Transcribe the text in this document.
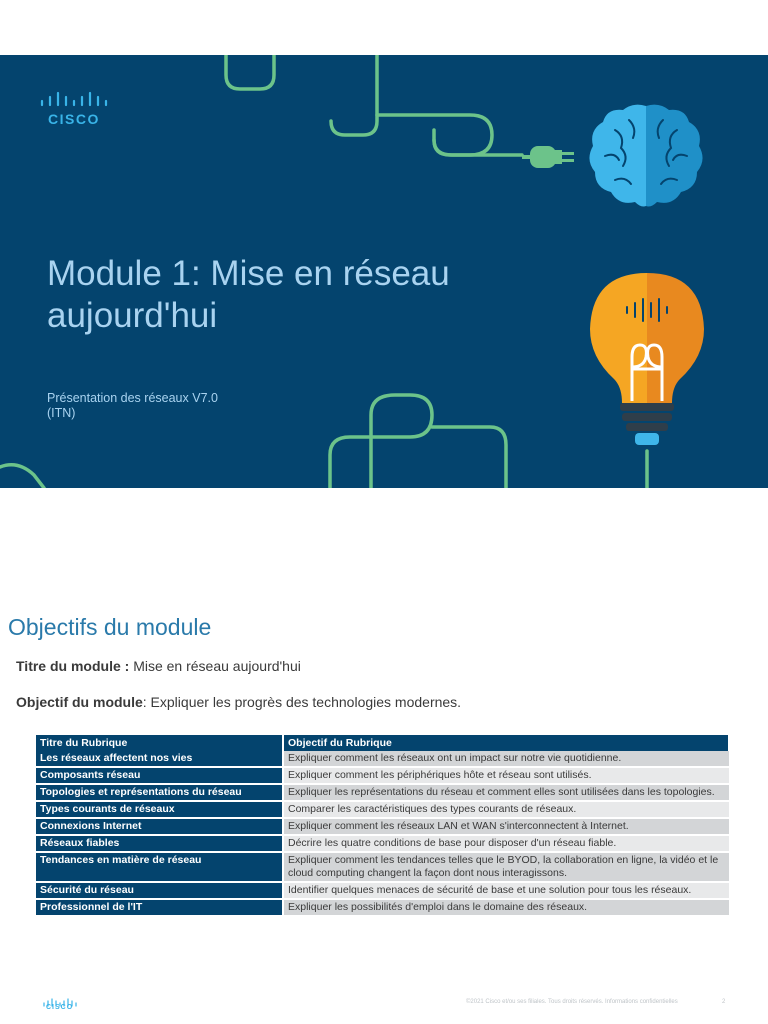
CISCO
Module 1: Mise en réseau aujourd'hui
Présentation des réseaux V7.0
(ITN)
Objectifs du module
Titre du module : Mise en réseau aujourd'hui
Objectif du module: Expliquer les progrès des technologies modernes.
Titre du Rubrique	Objectif du Rubrique
Les réseaux affectent nos vies	Expliquer comment les réseaux ont un impact sur notre vie quotidienne.
Composants réseau	Expliquer comment les périphériques hôte et réseau sont utilisés.
Topologies et représentations du réseau	Expliquer les représentations du réseau et comment elles sont utilisées dans les topologies.
Types courants de réseaux	Comparer les caractéristiques des types courants de réseaux.
Connexions Internet	Expliquer comment les réseaux LAN et WAN s'interconnectent à Internet.
Réseaux fiables	Décrire les quatre conditions de base pour disposer d'un réseau fiable.
Tendances en matière de réseau	Expliquer comment les tendances telles que le BYOD, la collaboration en ligne, la vidéo et le cloud computing changent la façon dont nous interagissons.
Sécurité du réseau	Identifier quelques menaces de sécurité de base et une solution pour tous les réseaux.
Professionnel de l'IT	Expliquer les possibilités d'emploi dans le domaine des réseaux.
CISCO
©2021 Cisco et/ou ses filiales. Tous droits réservés. Informations confidentielles	2
